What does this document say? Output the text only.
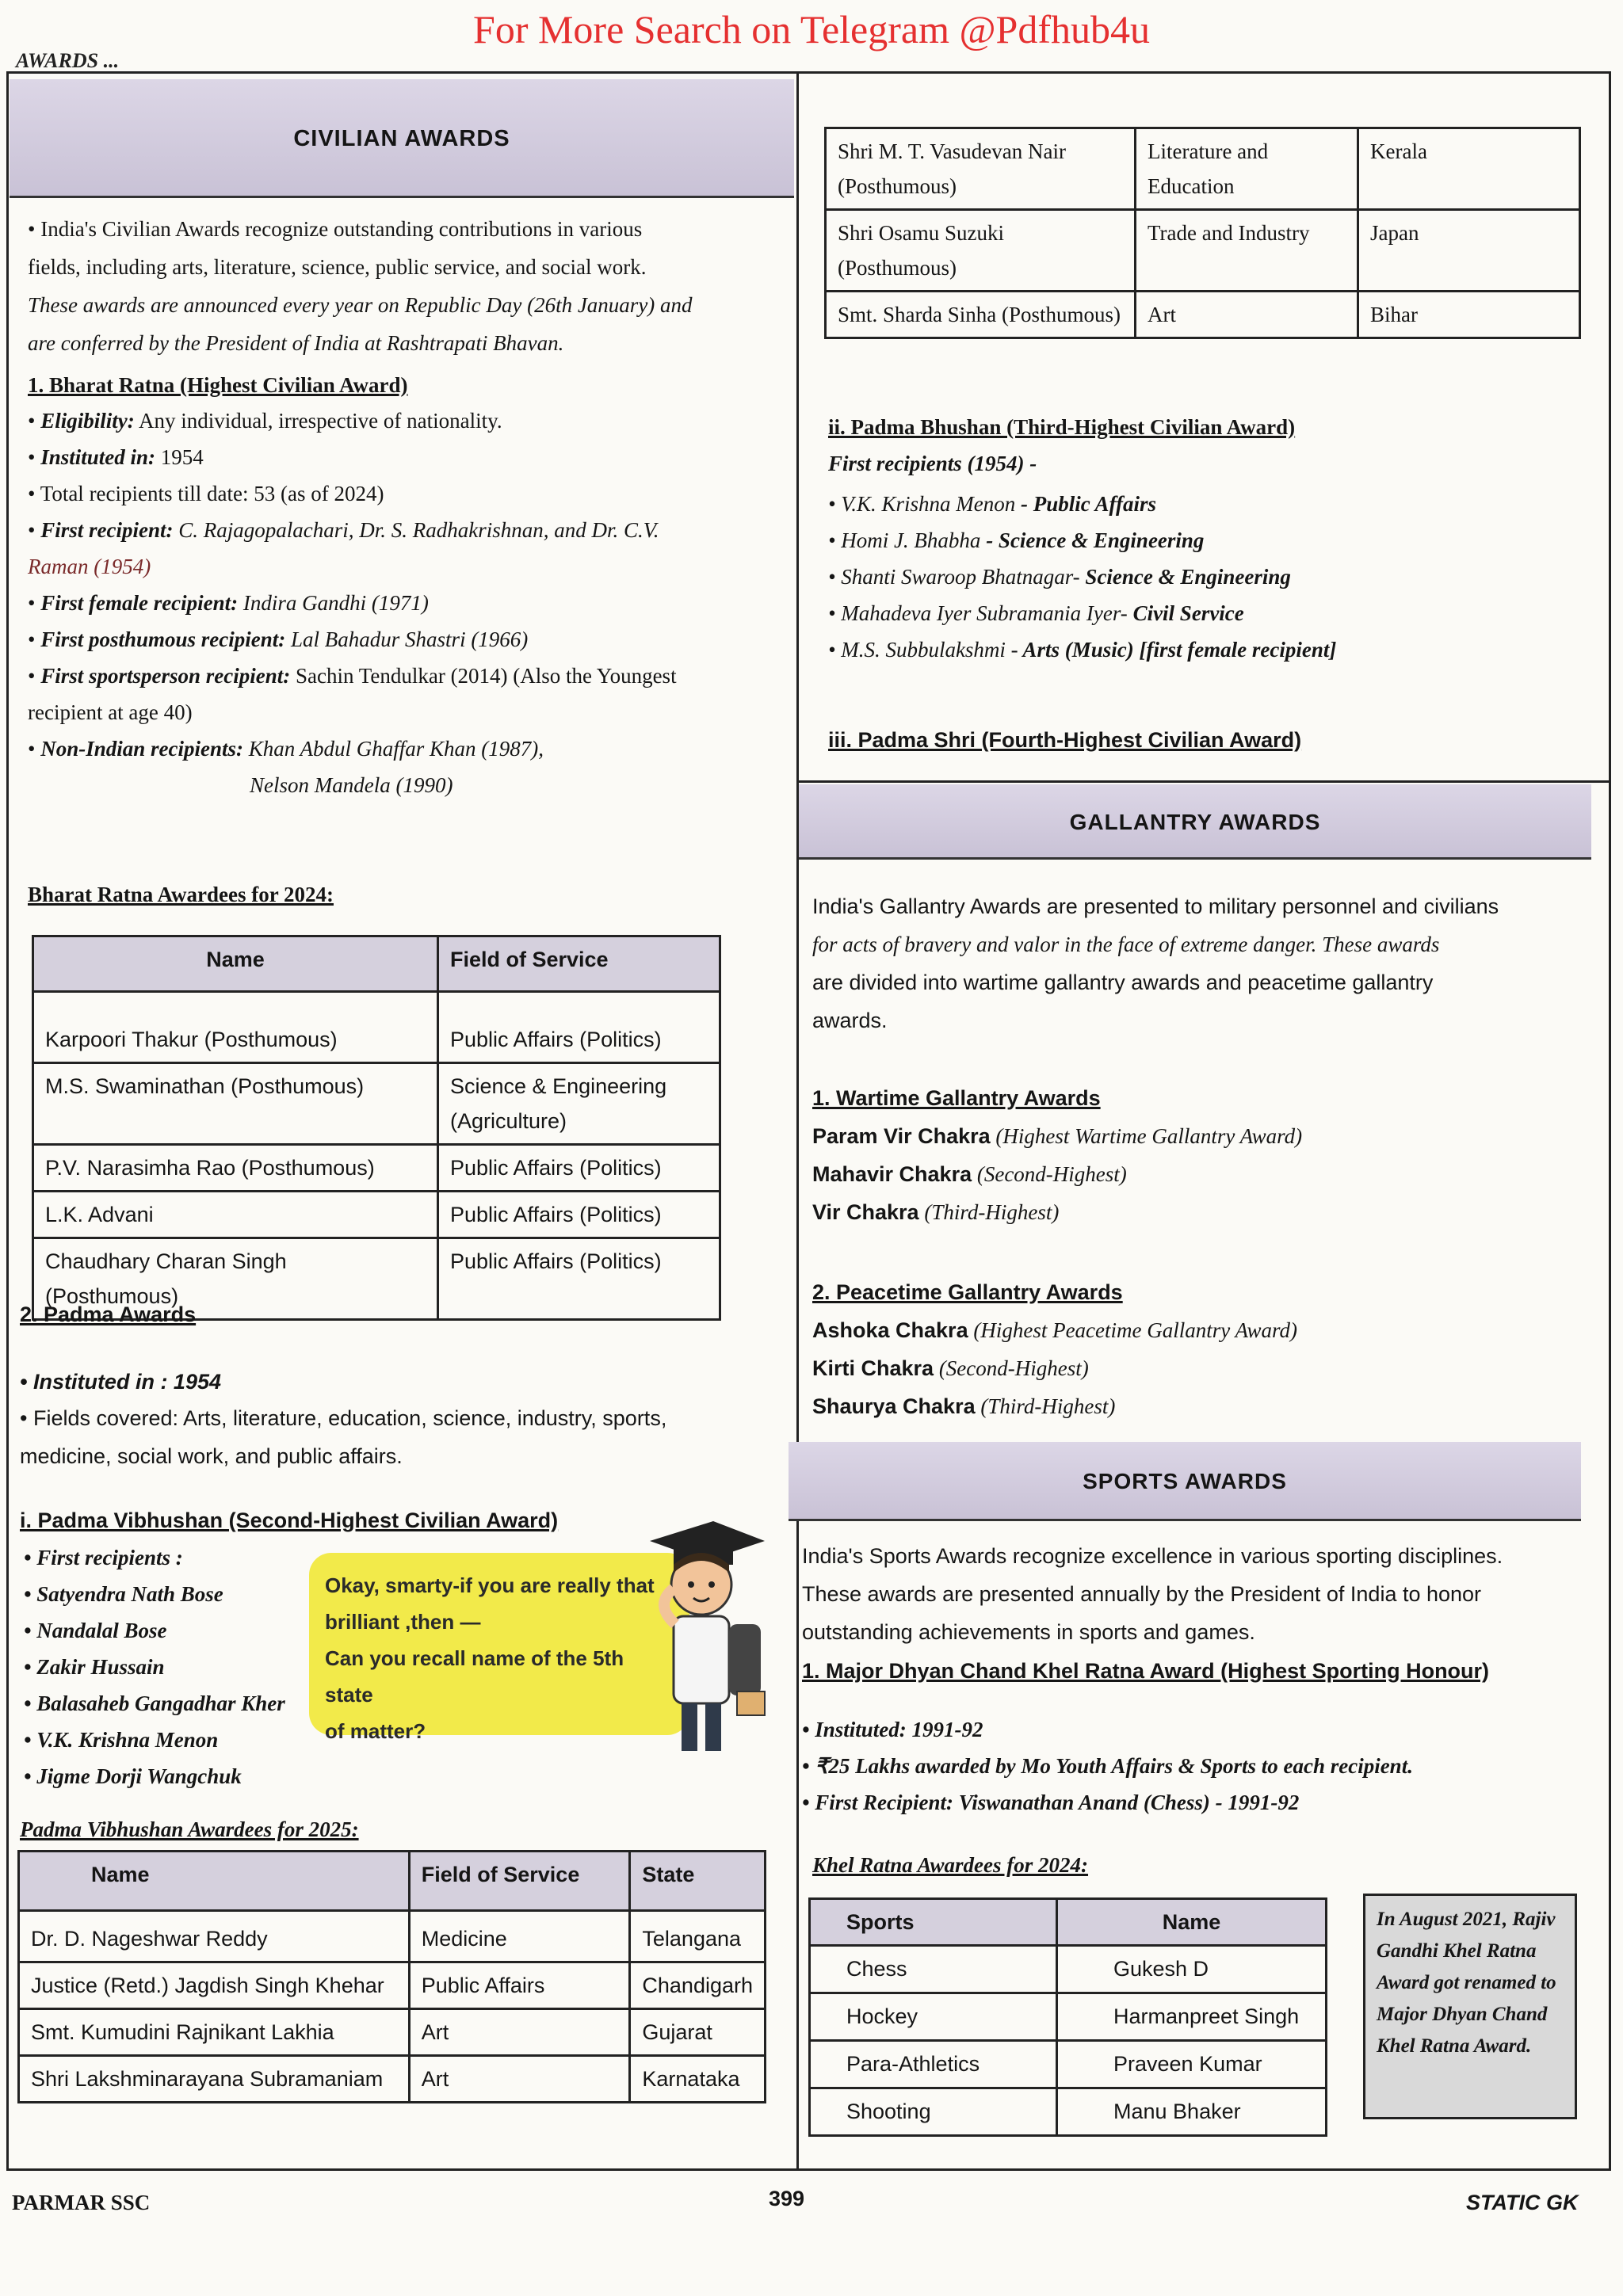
For More Search on Telegram @Pdfhub4u
AWARDS ...
CIVILIAN AWARDS
• India's Civilian Awards recognize outstanding contributions in various
fields, including arts, literature, science, public service, and social work.
These awards are announced every year on Republic Day (26th January) and
are conferred by the President of India at Rashtrapati Bhavan.
1. Bharat Ratna (Highest Civilian Award)
• Eligibility: Any individual, irrespective of nationality.
• Instituted in: 1954
• Total recipients till date: 53 (as of 2024)
• First recipient: C. Rajagopalachari, Dr. S. Radhakrishnan, and Dr. C.V.
Raman (1954)
• First female recipient: Indira Gandhi (1971)
• First posthumous recipient: Lal Bahadur Shastri (1966)
• First sportsperson recipient: Sachin Tendulkar (2014) (Also the Youngest
recipient at age 40)
• Non-Indian recipients: Khan Abdul Ghaffar Khan (1987),
Nelson Mandela (1990)
Bharat Ratna Awardees for 2024:
Name	Field of Service
Karpoori Thakur (Posthumous)	Public Affairs (Politics)
M.S. Swaminathan (Posthumous)	Science & Engineering (Agriculture)
P.V. Narasimha Rao (Posthumous)	Public Affairs (Politics)
L.K. Advani	Public Affairs (Politics)
Chaudhary Charan Singh (Posthumous)	Public Affairs (Politics)
2. Padma Awards
• Instituted in : 1954
• Fields covered: Arts, literature, education, science, industry, sports,
medicine, social work, and public affairs.
i. Padma Vibhushan (Second-Highest Civilian Award)
• First recipients :
• Satyendra Nath Bose
• Nandalal Bose
• Zakir Hussain
• Balasaheb Gangadhar Kher
• V.K. Krishna Menon
• Jigme Dorji Wangchuk
Okay, smarty-if you are really that
brilliant ,then —
Can you recall name of the 5th state
of matter?
Padma Vibhushan Awardees for 2025:
Name	Field of Service	State
Dr. D. Nageshwar Reddy	Medicine	Telangana
Justice (Retd.) Jagdish Singh Khehar	Public Affairs	Chandigarh
Smt. Kumudini Rajnikant Lakhia	Art	Gujarat
Shri Lakshminarayana Subramaniam	Art	Karnataka
Shri M. T. Vasudevan Nair (Posthumous)	Literature and Education	Kerala
Shri Osamu Suzuki (Posthumous)	Trade and Industry	Japan
Smt. Sharda Sinha (Posthumous)	Art	Bihar
ii. Padma Bhushan (Third-Highest Civilian Award)
First recipients (1954) -
• V.K. Krishna Menon - Public Affairs
• Homi J. Bhabha - Science & Engineering
• Shanti Swaroop Bhatnagar- Science & Engineering
• Mahadeva Iyer Subramania Iyer- Civil Service
• M.S. Subbulakshmi - Arts (Music) [first female recipient]
iii. Padma Shri (Fourth-Highest Civilian Award)
GALLANTRY AWARDS
India's Gallantry Awards are presented to military personnel and civilians
for acts of bravery and valor in the face of extreme danger. These awards
are divided into wartime gallantry awards and peacetime gallantry
awards.
1. Wartime Gallantry Awards
Param Vir Chakra (Highest Wartime Gallantry Award)
Mahavir Chakra (Second-Highest)
Vir Chakra (Third-Highest)
2. Peacetime Gallantry Awards
Ashoka Chakra (Highest Peacetime Gallantry Award)
Kirti Chakra (Second-Highest)
Shaurya Chakra (Third-Highest)
SPORTS AWARDS
India's Sports Awards recognize excellence in various sporting disciplines.
These awards are presented annually by the President of India to honor
outstanding achievements in sports and games.
1. Major Dhyan Chand Khel Ratna Award (Highest Sporting Honour)
• Instituted: 1991-92
• ₹25 Lakhs awarded by Mo Youth Affairs & Sports to each recipient.
• First Recipient: Viswanathan Anand (Chess) - 1991-92
Khel Ratna Awardees for 2024:
Sports	Name
Chess	Gukesh D
Hockey	Harmanpreet Singh
Para-Athletics	Praveen Kumar
Shooting	Manu Bhaker
In August 2021, Rajiv Gandhi Khel Ratna Award got renamed to Major Dhyan Chand Khel Ratna Award.
PARMAR SSC	399	STATIC GK
